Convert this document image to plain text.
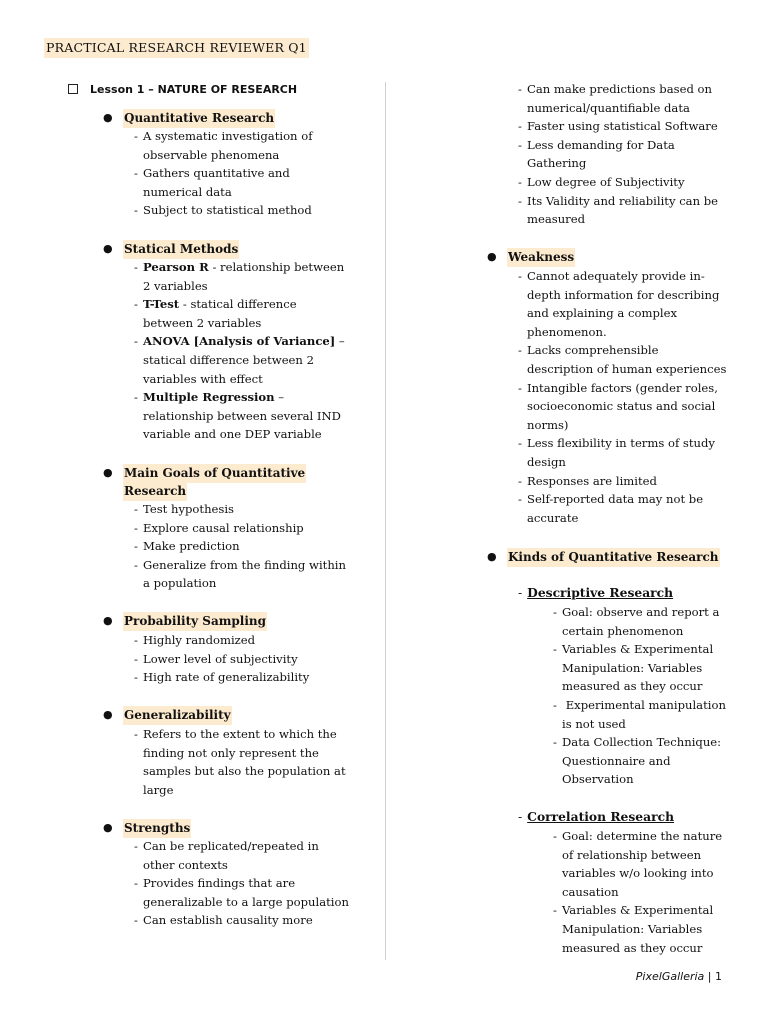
PRACTICAL RESEARCH REVIEWER Q1
Lesson 1 – NATURE OF RESEARCH
● Quantitative Research
- A systematic investigation of observable phenomena
- Gathers quantitative and numerical data
- Subject to statistical method
● Statical Methods
- Pearson R - relationship between 2 variables
- T-Test - statical difference between 2 variables
- ANOVA [Analysis of Variance] – statical difference between 2 variables with effect
- Multiple Regression – relationship between several IND variable and one DEP variable
● Main Goals of Quantitative
Research
- Test hypothesis
- Explore causal relationship
- Make prediction
- Generalize from the finding within a population
● Probability Sampling
- Highly randomized
- Lower level of subjectivity
- High rate of generalizability
● Generalizability
- Refers to the extent to which the finding not only represent the samples but also the population at large
● Strengths
- Can be replicated/repeated in other contexts
- Provides findings that are generalizable to a large population
- Can establish causality more
- Can make predictions based on numerical/quantifiable data
- Faster using statistical Software
- Less demanding for Data Gathering
- Low degree of Subjectivity
- Its Validity and reliability can be measured
● Weakness
- Cannot adequately provide in-depth information for describing and explaining a complex phenomenon.
- Lacks comprehensible description of human experiences
- Intangible factors (gender roles, socioeconomic status and social norms)
- Less flexibility in terms of study design
- Responses are limited
- Self-reported data may not be accurate
● Kinds of Quantitative Research
- Descriptive Research
- Goal: observe and report a certain phenomenon
- Variables & Experimental Manipulation: Variables measured as they occur
-  Experimental manipulation is not used
- Data Collection Technique: Questionnaire and Observation
- Correlation Research
- Goal: determine the nature of relationship between variables w/o looking into causation
- Variables & Experimental Manipulation: Variables measured as they occur
PixelGalleria | 1
